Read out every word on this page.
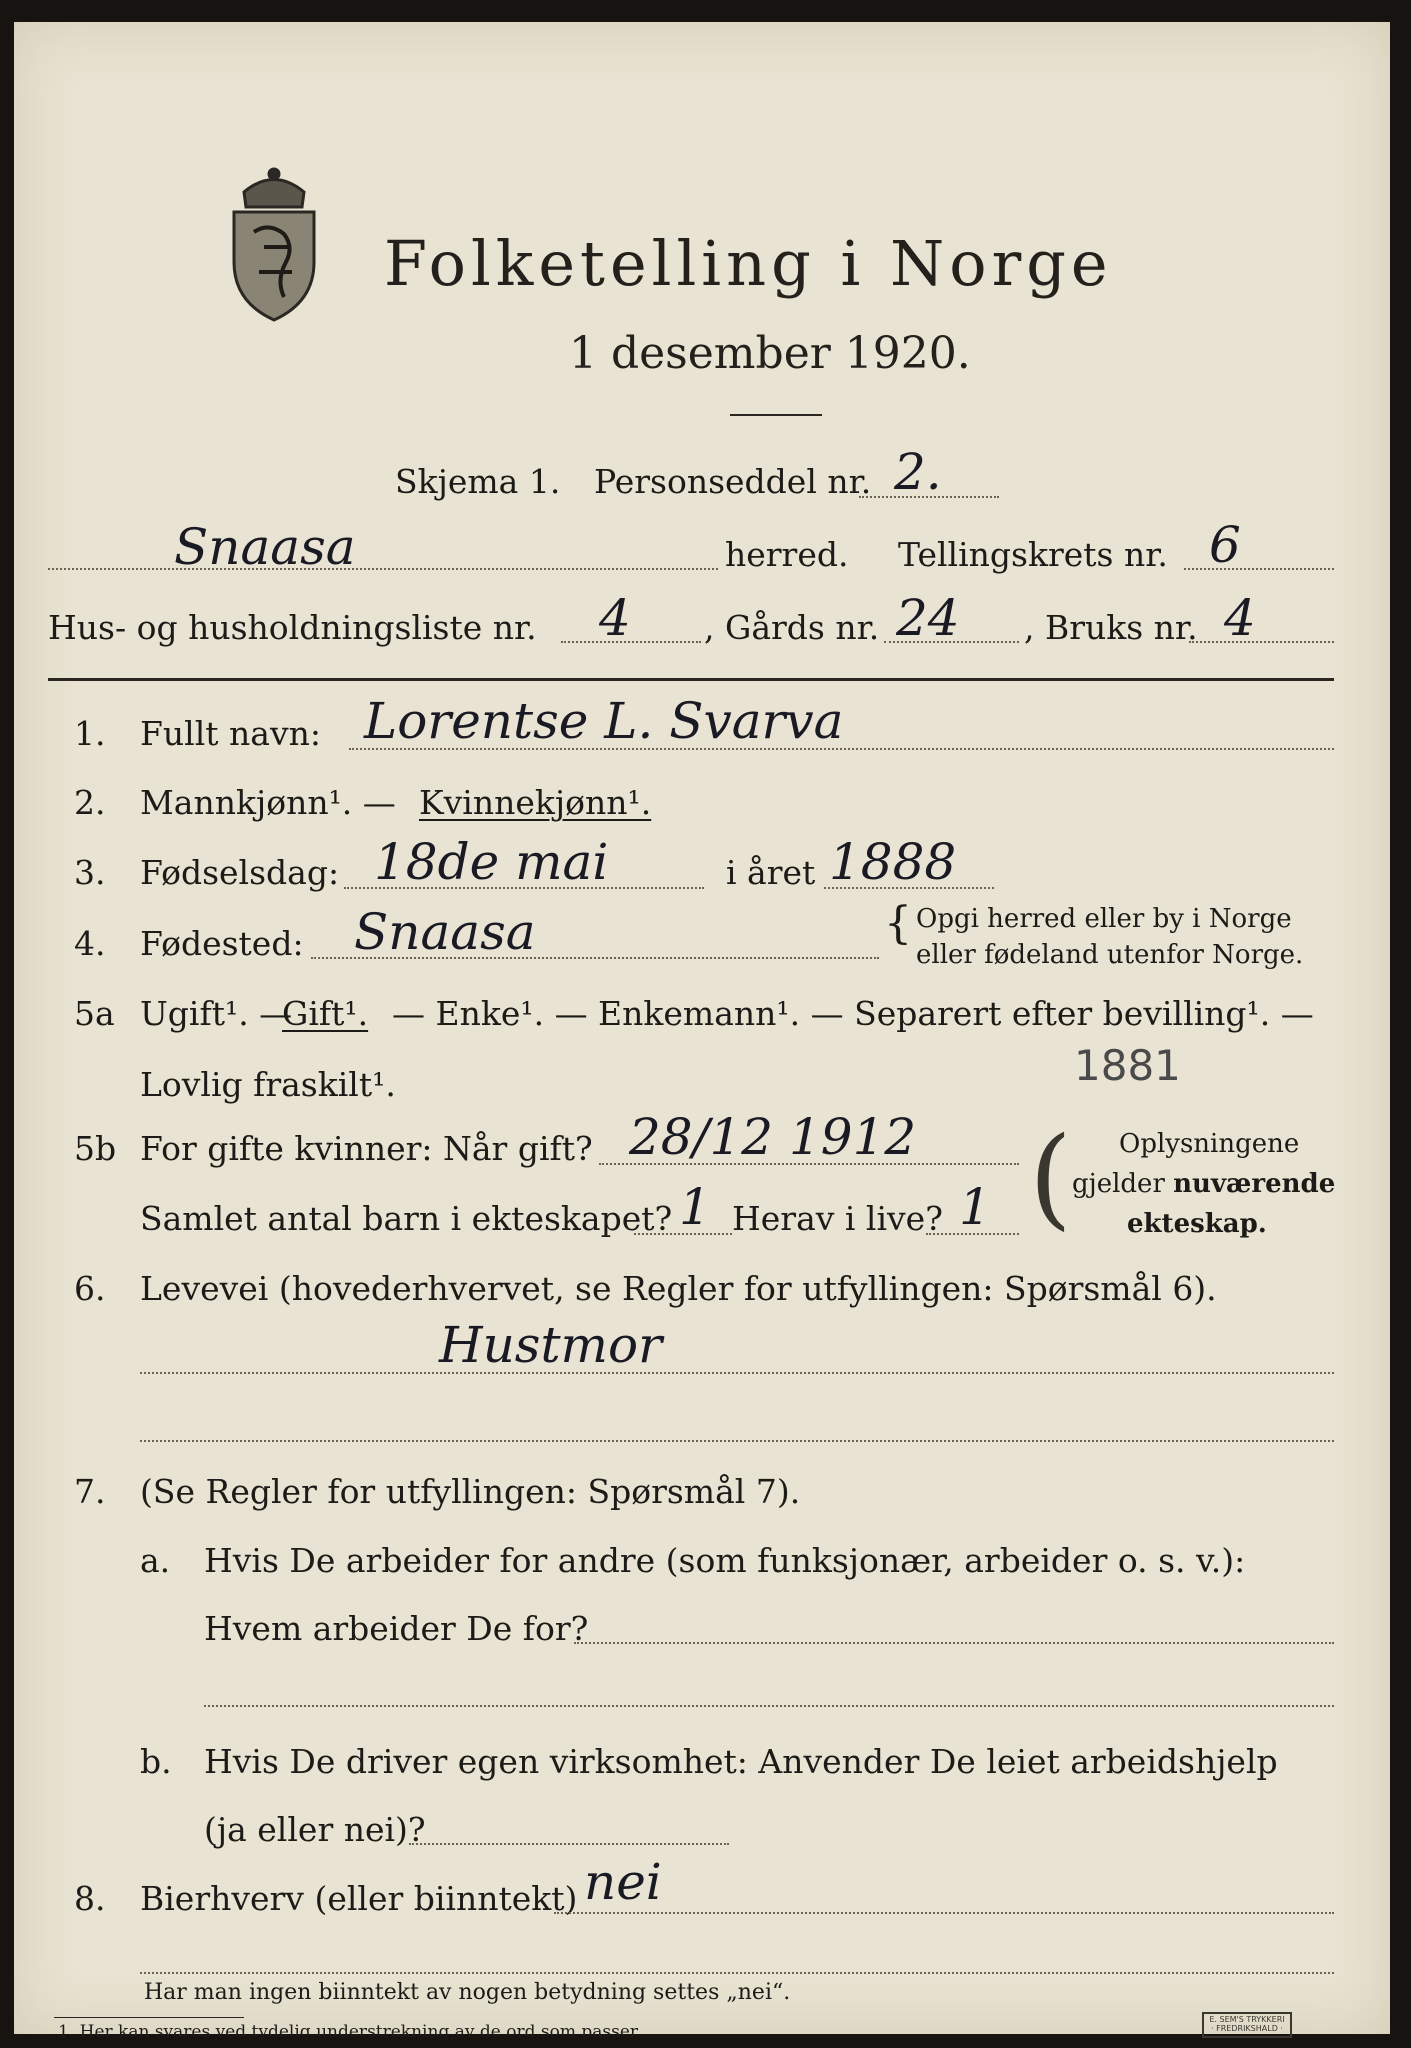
Folketelling i Norge
1 desember 1920.
Skjema 1. Personseddel nr. 2.
Snaasa	herred. Tellingskrets nr. 6
Hus- og husholdningsliste nr. 4 , Gårds nr. 24 , Bruks nr. 4
1. Fullt navn: Lorentse L. Svarva
2. Mannkjønn¹. — Kvinnekjønn¹.
3. Fødselsdag: 18de mai	i året 1888
4. Fødested: Snaasa	{ Opgi herred eller by i Norge
eller fødeland utenfor Norge.
5a Ugift¹. —
Gift¹. — Enke¹. — Enkemann¹. — Separert efter bevilling¹. —
Lovlig fraskilt¹.	1881
5b For gifte kvinner: Når gift? 28/12 1912
Samlet antal barn i ekteskapet? 1 Herav i live? 1 ( Oplysningene
gjelder nuværende
ekteskap.
6. Levevei (hovederhvervet, se Regler for utfyllingen: Spørsmål 6).
Hustmor
7. (Se Regler for utfyllingen: Spørsmål 7).
a. Hvis De arbeider for andre (som funksjonær, arbeider o. s. v.):
Hvem arbeider De for?
b. Hvis De driver egen virksomhet: Anvender De leiet arbeidshjelp
(ja eller nei)?
8. Bierhverv (eller biinntekt) nei
Har man ingen biinntekt av nogen betydning settes „nei“.
1. Her kan svares ved tydelig understrekning av de ord som passer.
E. SEM'S TRYKKERI · FREDRIKSHALD ·
